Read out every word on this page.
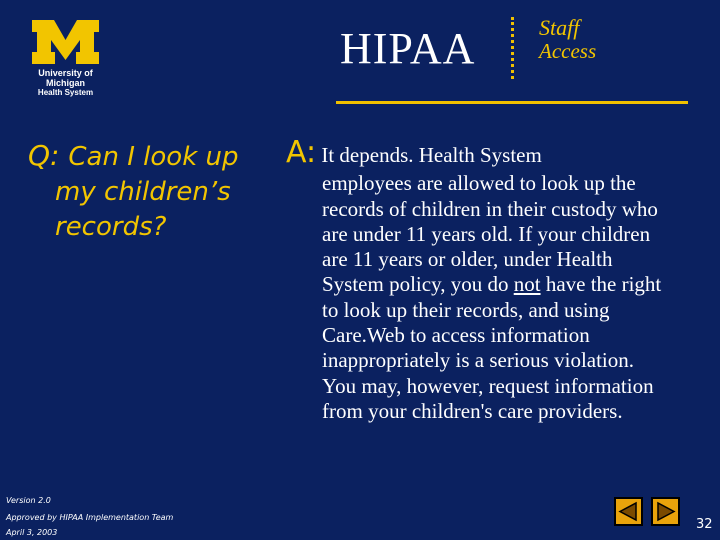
University of Michigan
Health System
HIPAA	Staff
Access
Q: Can I look up
my children’s records?
A: It depends. Health System
employees are allowed to look up the records of children in their custody who are under 11 years old. If your children are 11 years or older, under Health System policy, you do not have the right to look up their records, and using Care.Web to access information inappropriately is a serious violation. You may, however, request information from your children's care providers.
Version 2.0
Approved by HIPAA Implementation Team
April 3, 2003
32
